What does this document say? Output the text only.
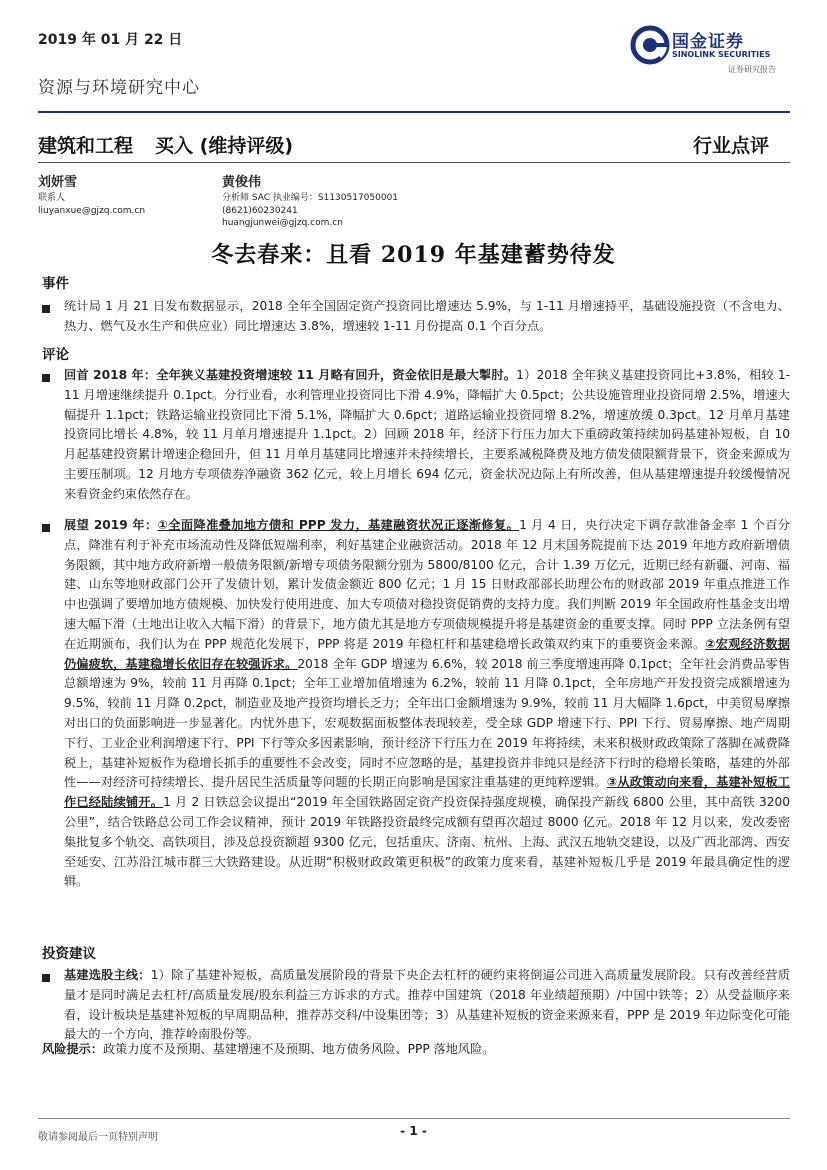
2019 年 01 月 22 日
资源与环境研究中心
国金证券
SINOLINK SECURITIES
证券研究报告
建筑和工程 买入 (维持评级)	行业点评
刘妍雪
联系人
liuyanxue@gjzq.com.cn
黄俊伟
分析师 SAC 执业编号：S1130517050001
(8621)60230241
huangjunwei@gjzq.com.cn
冬去春来：且看 2019 年基建蓄势待发
事件
统计局 1 月 21 日发布数据显示，2018 全年全国固定资产投资同比增速达 5.9%，与 1-11 月增速持平，基础设施投资（不含电力、热力、燃气及水生产和供应业）同比增速达 3.8%，增速较 1-11 月份提高 0.1 个百分点。
评论
回首 2018 年：全年狭义基建投资增速较 11 月略有回升，资金依旧是最大掣肘。1）2018 全年狭义基建投资同比+3.8%，相较 1-11 月增速继续提升 0.1pct。分行业看，水利管理业投资同比下滑 4.9%，降幅扩大 0.5pct；公共设施管理业投资同增 2.5%，增速大幅提升 1.1pct；铁路运输业投资同比下滑 5.1%，降幅扩大 0.6pct；道路运输业投资同增 8.2%，增速放缓 0.3pct。12 月单月基建投资同比增长 4.8%，较 11 月单月增速提升 1.1pct。2）回顾 2018 年，经济下行压力加大下重磅政策持续加码基建补短板，自 10 月起基建投资累计增速企稳回升，但 11 月单月基建同比增速并未持续增长，主要系减税降费及地方债发债限额背景下，资金来源成为主要压制项。12 月地方专项债券净融资 362 亿元，较上月增长 694 亿元，资金状况边际上有所改善，但从基建增速提升较缓慢情况来看资金约束依然存在。
展望 2019 年：①全面降准叠加地方债和 PPP 发力，基建融资状况正逐渐修复。1 月 4 日，央行决定下调存款准备金率 1 个百分点，降准有利于补充市场流动性及降低短端利率，利好基建企业融资活动。2018 年 12 月末国务院提前下达 2019 年地方政府新增债务限额，其中地方政府新增一般债务限额/新增专项债务限额分别为 5800/8100 亿元，合计 1.39 万亿元，近期已经有新疆、河南、福建、山东等地财政部门公开了发债计划，累计发债金额近 800 亿元；1 月 15 日财政部部长助理公布的财政部 2019 年重点推进工作中也强调了要增加地方债规模、加快发行使用进度、加大专项债对稳投资促销费的支持力度。我们判断 2019 年全国政府性基金支出增速大幅下滑（土地出让收入大幅下滑）的背景下，地方债尤其是地方专项债规模提升将是基建资金的重要支撑。同时 PPP 立法条例有望在近期颁布，我们认为在 PPP 规范化发展下，PPP 将是 2019 年稳杠杆和基建稳增长政策双约束下的重要资金来源。②宏观经济数据仍偏疲软，基建稳增长依旧存在较强诉求。2018 全年 GDP 增速为 6.6%，较 2018 前三季度增速再降 0.1pct；全年社会消费品零售总额增速为 9%，较前 11 月再降 0.1pct；全年工业增加值增速为 6.2%，较前 11 月降 0.1pct，全年房地产开发投资完成额增速为 9.5%，较前 11 月降 0.2pct，制造业及地产投资均增长乏力；全年出口金额增速为 9.9%，较前 11 月大幅降 1.6pct，中美贸易摩擦对出口的负面影响进一步显著化。内忧外患下，宏观数据面板整体表现较差，受全球 GDP 增速下行、PPI 下行、贸易摩擦、地产周期下行、工业企业利润增速下行、PPI 下行等众多因素影响，预计经济下行压力在 2019 年将持续，未来积极财政政策除了落脚在减费降税上，基建补短板作为稳增长抓手的重要性不会改变，同时不应忽略的是，基建投资并非纯只是经济下行时的稳增长策略，基建的外部性——对经济可持续增长、提升居民生活质量等问题的长期正向影响是国家注重基建的更纯粹逻辑。③从政策动向来看，基建补短板工作已经陆续铺开。1 月 2 日铁总会议提出“2019 年全国铁路固定资产投资保持强度规模，确保投产新线 6800 公里，其中高铁 3200 公里”，结合铁路总公司工作会议精神，预计 2019 年铁路投资最终完成额有望再次超过 8000 亿元。2018 年 12 月以来，发改委密集批复多个轨交、高铁项目，涉及总投资额超 9300 亿元，包括重庆、济南、杭州、上海、武汉五地轨交建设，以及广西北部湾、西安至延安、江苏沿江城市群三大铁路建设。从近期“积极财政政策更积极”的政策力度来看，基建补短板几乎是 2019 年最具确定性的逻辑。
投资建议
基建选股主线：1）除了基建补短板，高质量发展阶段的背景下央企去杠杆的硬约束将倒逼公司进入高质量发展阶段。只有改善经营质量才是同时满足去杠杆/高质量发展/股东利益三方诉求的方式。推荐中国建筑（2018 年业绩超预期）/中国中铁等；2）从受益顺序来看，设计板块是基建补短板的早周期品种，推荐苏交科/中设集团等；3）从基建补短板的资金来源来看，PPP 是 2019 年边际变化可能最大的一个方向，推荐岭南股份等。
风险提示：政策力度不及预期、基建增速不及预期、地方债务风险、PPP 落地风险。
- 1 -
敬请参阅最后一页特别声明
